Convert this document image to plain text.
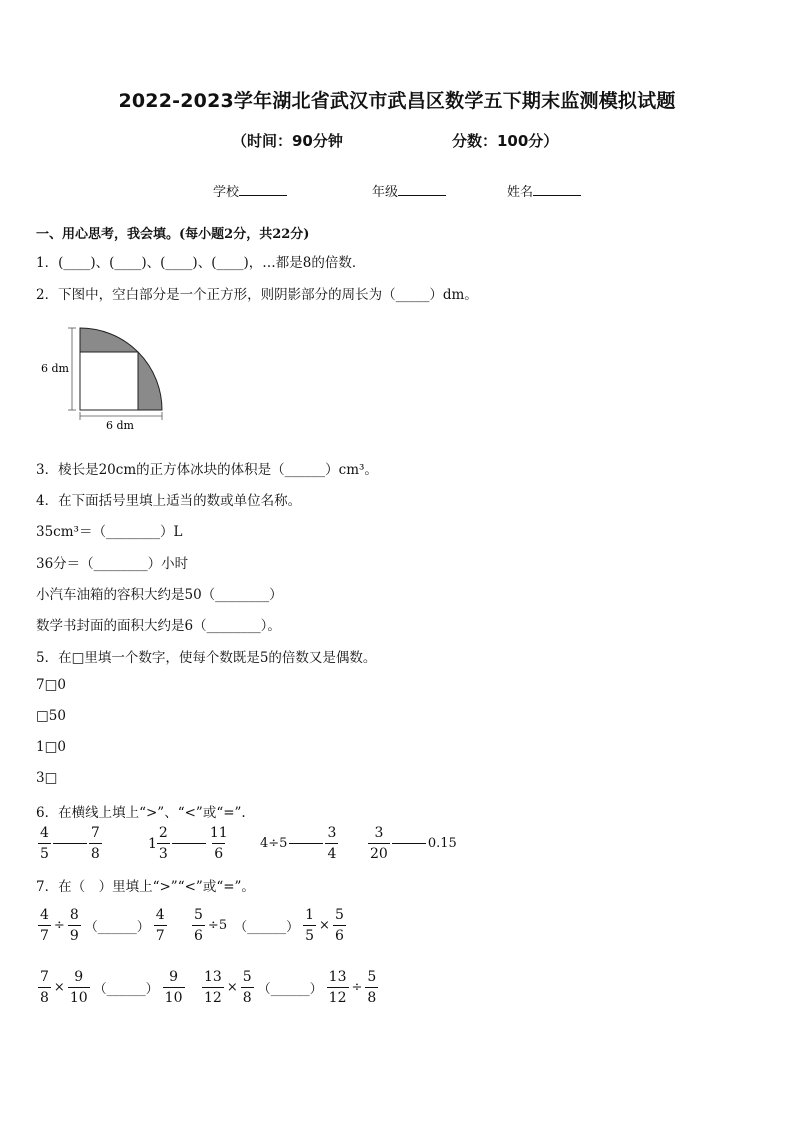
2022-2023学年湖北省武汉市武昌区数学五下期末监测模拟试题
（时间：90分钟	分数：100分）
学校	年级	姓名
一、用心思考，我会填。(每小题2分，共22分)
1．(____)、(____)、(____)、(____)，…都是8的倍数．
2．下图中，空白部分是一个正方形，则阴影部分的周长为（_____）dm。
6 dm
6 dm
3．棱长是20cm的正方体冰块的体积是（______）cm³。
4．在下面括号里填上适当的数或单位名称。
35cm³＝（________）L
36分＝（________）小时
小汽车油箱的容积大约是50（________）
数学书封面的面积大约是6（________）。
5．在□里填一个数字，使每个数既是5的倍数又是偶数。
7□0
□50
1□0
3□
6．在横线上填上“>”、“<”或“=”.
$\frac{4}{5}$	$\frac{7}{8}$	$1 \frac{2}{3}$	$\frac{11}{6} 4\div 5$	$\frac{3}{4} \frac{3}{20}$	0.15
7．在（　）里填上“>”“<”或“=”。
$\frac{4}{7} \div \frac{8}{9}$ （______） $\frac{4}{7} \frac{5}{6} \div 5$ （______） $\frac{1}{5} \times \frac{5}{6}$
$\frac{7}{8} \times \frac{9}{10}$ （______） $\frac{9}{10} \frac{13}{12} \times \frac{5}{8}$ （______） $\frac{13}{12} \div \frac{5}{8}$
